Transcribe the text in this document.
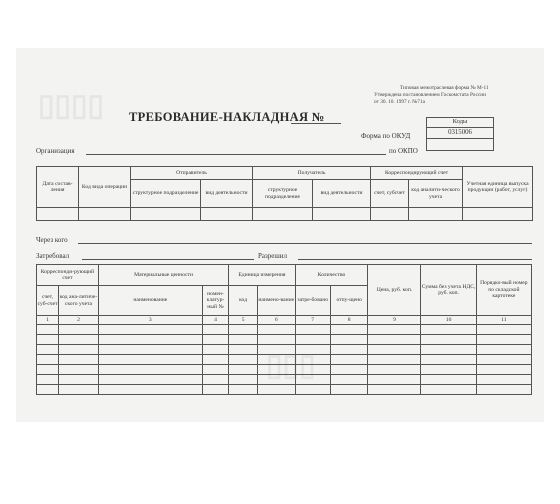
▯▯▯▯
▯▯▯
Типовая межотраслевая форма № М-11
Утверждена постановлением Госкомстата России
от 30. 10. 1997 г. №71а
ТРЕБОВАНИЕ-НАКЛАДНАЯ №	Коды
0315006

Форма по ОКУД
Организация	по ОКПО
Дата состав-ления	Код вида операции	Отправитель		Получатель		Корреспондирующий счет		Учетная единица выпуска продукции (работ, услуг)
		структурное подразделение	вид деятельности	структурное подразделение	вид деятельности	счет, субсчет	код аналити-ческого учета	

Через кого
Затребовал	Разрешил
Корреспонди-рующий счет		Материальные ценности		Единица измерения		Количество		Цена, руб. коп.	Сумма без учета НДС, руб. коп.	Порядко-вый номер по складской картотеке
счет, суб-счет	код ана-литиче-ского учета	наименование	номен-клатур-ный №	код	наимено-вание	затре-бовано	отпу-щено			
1	2	3	4	5	6	7	8	9	10	11
